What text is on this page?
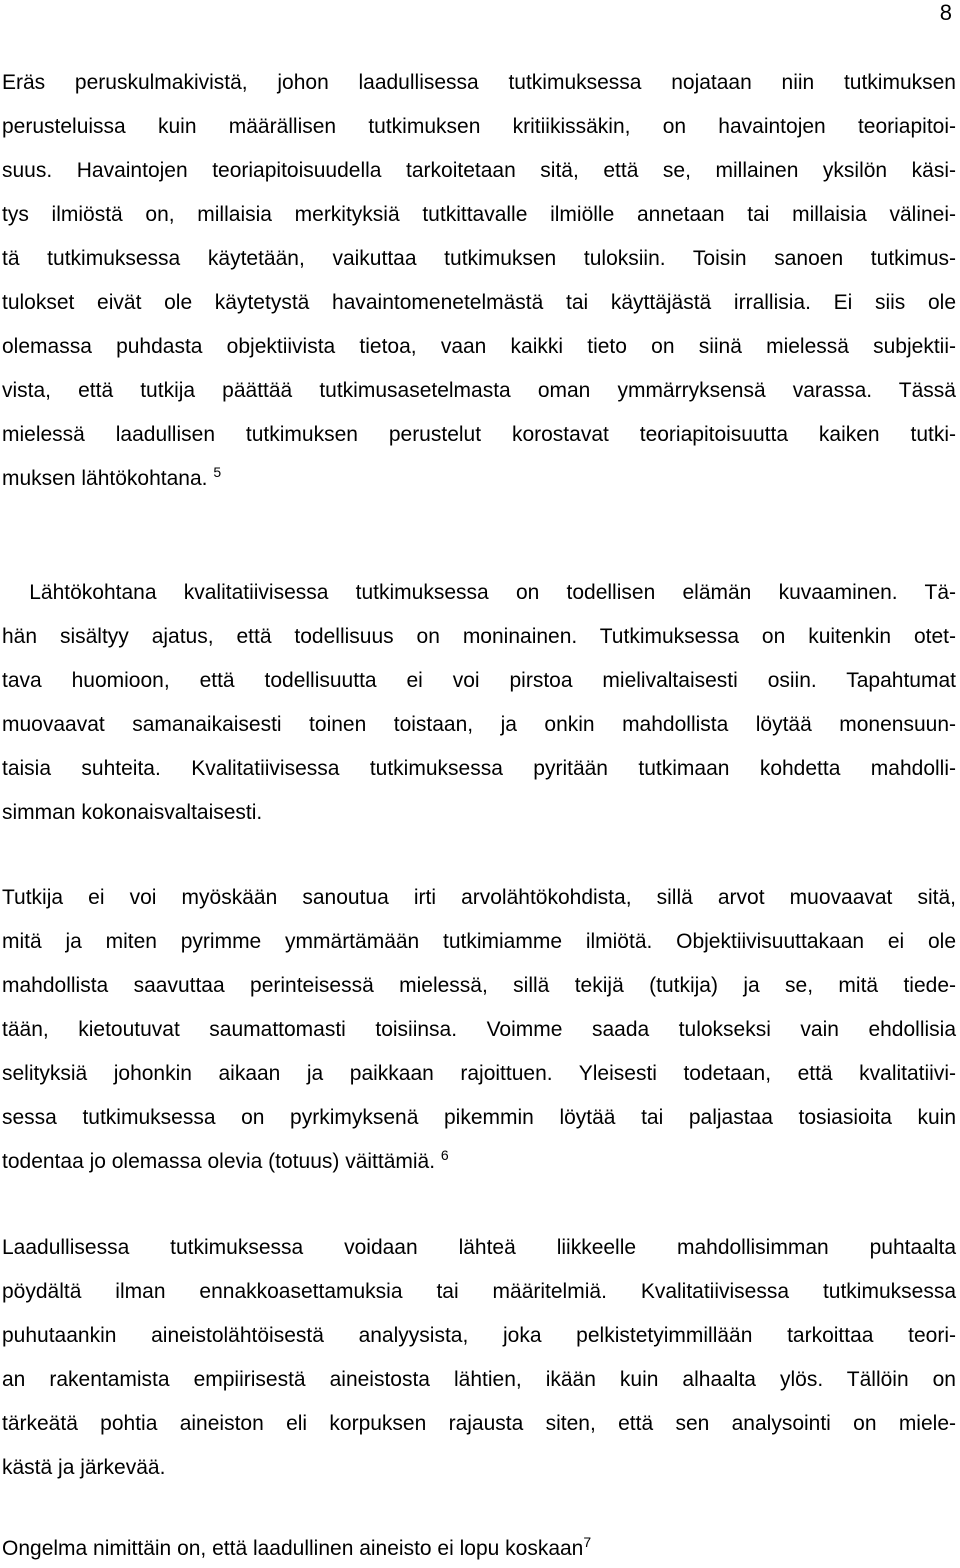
8
Eräs peruskulmakivistä, johon laadullisessa tutkimuksessa nojataan niin tutkimuksen
perusteluissa kuin määrällisen tutkimuksen kritiikissäkin, on havaintojen teoriapitoi-
suus. Havaintojen teoriapitoisuudella tarkoitetaan sitä, että se, millainen yksilön käsi-
tys ilmiöstä on, millaisia merkityksiä tutkittavalle ilmiölle annetaan tai millaisia välinei-
tä tutkimuksessa käytetään, vaikuttaa tutkimuksen tuloksiin. Toisin sanoen tutkimus-
tulokset eivät ole käytetystä havaintomenetelmästä tai käyttäjästä irrallisia. Ei siis ole
olemassa puhdasta objektiivista tietoa, vaan kaikki tieto on siinä mielessä subjektii-
vista, että tutkija päättää tutkimusasetelmasta oman ymmärryksensä varassa. Tässä
mielessä laadullisen tutkimuksen perustelut korostavat teoriapitoisuutta kaiken tutki-
muksen lähtökohtana. $^5$
Lähtökohtana kvalitatiivisessa tutkimuksessa on todellisen elämän kuvaaminen. Tä-
hän sisältyy ajatus, että todellisuus on moninainen. Tutkimuksessa on kuitenkin otet-
tava huomioon, että todellisuutta ei voi pirstoa mielivaltaisesti osiin. Tapahtumat
muovaavat samanaikaisesti toinen toistaan, ja onkin mahdollista löytää monensuun-
taisia suhteita. Kvalitatiivisessa tutkimuksessa pyritään tutkimaan kohdetta mahdolli-
simman kokonaisvaltaisesti.
Tutkija ei voi myöskään sanoutua irti arvolähtökohdista, sillä arvot muovaavat sitä,
mitä ja miten pyrimme ymmärtämään tutkimiamme ilmiötä. Objektiivisuuttakaan ei ole
mahdollista saavuttaa perinteisessä mielessä, sillä tekijä (tutkija) ja se, mitä tiede-
tään, kietoutuvat saumattomasti toisiinsa. Voimme saada tulokseksi vain ehdollisia
selityksiä johonkin aikaan ja paikkaan rajoittuen. Yleisesti todetaan, että kvalitatiivi-
sessa tutkimuksessa on pyrkimyksenä pikemmin löytää tai paljastaa tosiasioita kuin
todentaa jo olemassa olevia (totuus) väittämiä. $^6$
Laadullisessa tutkimuksessa voidaan lähteä liikkeelle mahdollisimman puhtaalta
pöydältä ilman ennakkoasettamuksia tai määritelmiä. Kvalitatiivisessa tutkimuksessa
puhutaankin aineistolähtöisestä analyysista, joka pelkistetyimmillään tarkoittaa teori-
an rakentamista empiirisestä aineistosta lähtien, ikään kuin alhaalta ylös. Tällöin on
tärkeätä pohtia aineiston eli korpuksen rajausta siten, että sen analysointi on miele-
kästä ja järkevää.
Ongelma nimittäin on, että laadullinen aineisto ei lopu koskaan$^7$
